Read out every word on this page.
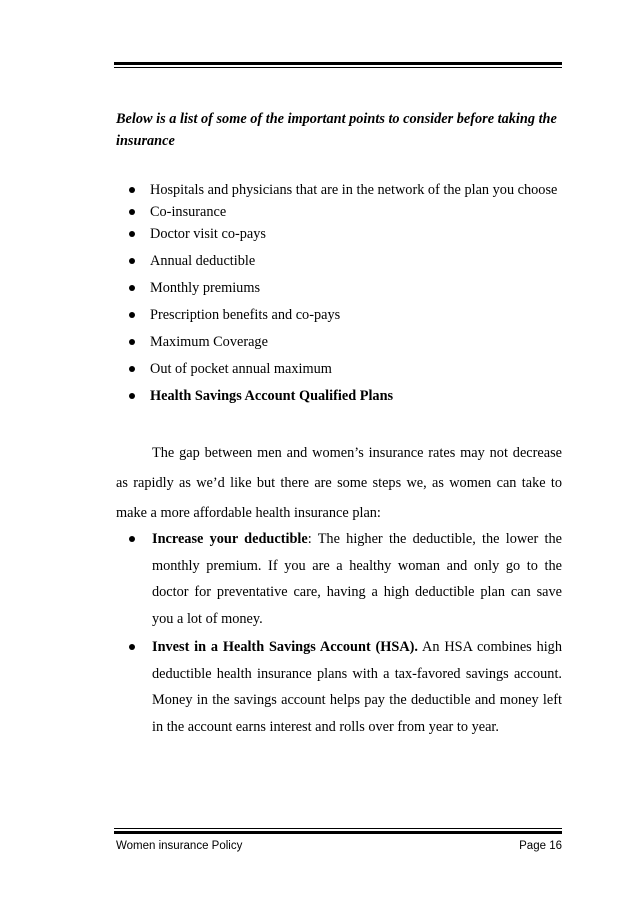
Below is a list of some of the important points to consider before taking the insurance

Hospitals and physicians that are in the network of the plan you choose
Co-insurance
Doctor visit co-pays
Annual deductible
Monthly premiums
Prescription benefits and co-pays
Maximum Coverage
Out of pocket annual maximum
Health Savings Account Qualified Plans

The gap between men and women’s insurance rates may not decrease as rapidly as we’d like but there are some steps we, as women can take to make a more affordable health insurance plan:

Increase your deductible: The higher the deductible, the lower the monthly premium. If you are a healthy woman and only go to the doctor for preventative care, having a high deductible plan can save you a lot of money.
Invest in a Health Savings Account (HSA). An HSA combines high deductible health insurance plans with a tax-favored savings account. Money in the savings account helps pay the deductible and money left in the account earns interest and rolls over from year to year.
Women insurance Policy	Page 16
